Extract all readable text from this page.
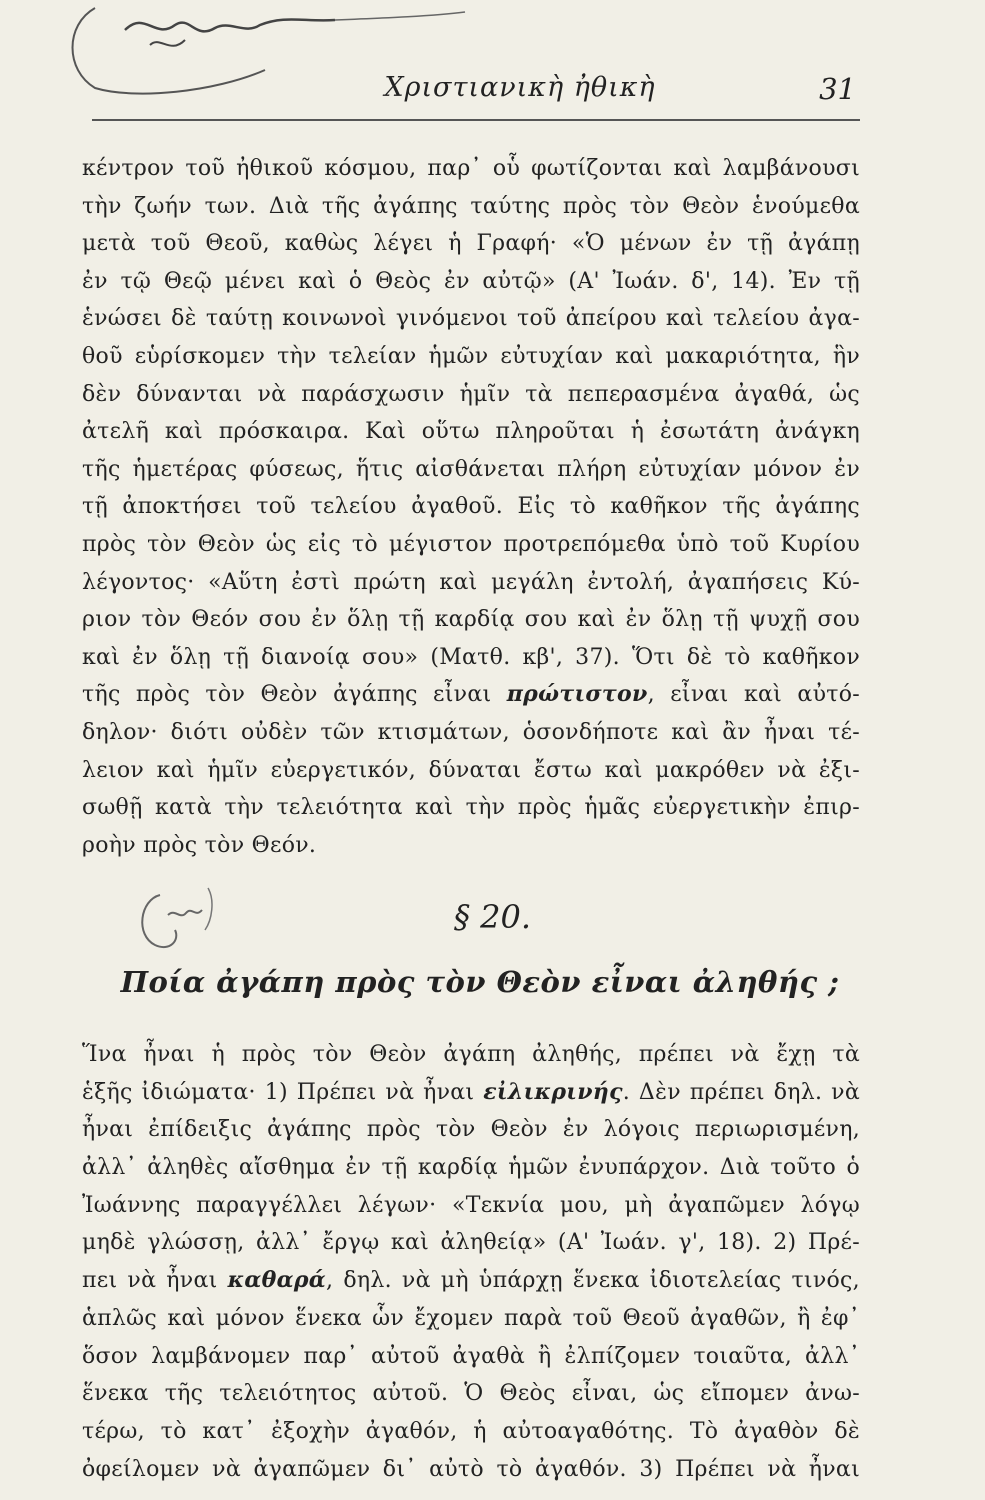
Χριστιανικὴ ἠθικὴ	31
κέντρον τοῦ ἠθικοῦ κόσμου, παρ᾿ οὗ φωτίζονται καὶ λαμβάνουσι
τὴν ζωήν των. Διὰ τῆς ἀγάπης ταύτης πρὸς τὸν Θεὸν ἑνούμεθα
μετὰ τοῦ Θεοῦ, καθὼς λέγει ἡ Γραφή· «Ὁ μένων ἐν τῇ ἀγάπῃ
ἐν τῷ Θεῷ μένει καὶ ὁ Θεὸς ἐν αὐτῷ» (Α' Ἰωάν. δ', 14). Ἐν τῇ
ἑνώσει δὲ ταύτῃ κοινωνοὶ γινόμενοι τοῦ ἀπείρου καὶ τελείου ἀγα-
θοῦ εὑρίσκομεν τὴν τελείαν ἡμῶν εὐτυχίαν καὶ μακαριότητα, ἣν
δὲν δύνανται νὰ παράσχωσιν ἡμῖν τὰ πεπερασμένα ἀγαθά, ὡς
ἀτελῆ καὶ πρόσκαιρα. Καὶ οὕτω πληροῦται ἡ ἐσωτάτη ἀνάγκη
τῆς ἡμετέρας φύσεως, ἥτις αἰσθάνεται πλήρη εὐτυχίαν μόνον ἐν
τῇ ἀποκτήσει τοῦ τελείου ἀγαθοῦ. Εἰς τὸ καθῆκον τῆς ἀγάπης
πρὸς τὸν Θεὸν ὡς εἰς τὸ μέγιστον προτρεπόμεθα ὑπὸ τοῦ Κυρίου
λέγοντος· «Αὕτη ἐστὶ πρώτη καὶ μεγάλη ἐντολή, ἀγαπήσεις Κύ-
ριον τὸν Θεόν σου ἐν ὅλῃ τῇ καρδίᾳ σου καὶ ἐν ὅλῃ τῇ ψυχῇ σου
καὶ ἐν ὅλῃ τῇ διανοίᾳ σου» (Ματθ. κβ', 37). Ὅτι δὲ τὸ καθῆκον
τῆς πρὸς τὸν Θεὸν ἀγάπης εἶναι πρώτιστον, εἶναι καὶ αὐτό-
δηλον· διότι οὐδὲν τῶν κτισμάτων, ὁσονδήποτε καὶ ἂν ἦναι τέ-
λειον καὶ ἡμῖν εὐεργετικόν, δύναται ἔστω καὶ μακρόθεν νὰ ἐξι-
σωθῇ κατὰ τὴν τελειότητα καὶ τὴν πρὸς ἡμᾶς εὐεργετικὴν ἐπιρ-
ροὴν πρὸς τὸν Θεόν.
§ 20.
Ποία ἀγάπη πρὸς τὸν Θεὸν εἶναι ἀληθής ;
Ἵνα ἦναι ἡ πρὸς τὸν Θεὸν ἀγάπη ἀληθής, πρέπει νὰ ἔχῃ τὰ
ἑξῆς ἰδιώματα· 1) Πρέπει νὰ ἦναι εἰλικρινής. Δὲν πρέπει δηλ. νὰ
ἦναι ἐπίδειξις ἀγάπης πρὸς τὸν Θεὸν ἐν λόγοις περιωρισμένη,
ἀλλ᾿ ἀληθὲς αἴσθημα ἐν τῇ καρδίᾳ ἡμῶν ἐνυπάρχον. Διὰ τοῦτο ὁ
Ἰωάννης παραγγέλλει λέγων· «Τεκνία μου, μὴ ἀγαπῶμεν λόγῳ
μηδὲ γλώσσῃ, ἀλλ᾿ ἔργῳ καὶ ἀληθείᾳ» (Α' Ἰωάν. γ', 18). 2) Πρέ-
πει νὰ ἦναι καθαρά, δηλ. νὰ μὴ ὑπάρχῃ ἕνεκα ἰδιοτελείας τινός,
ἁπλῶς καὶ μόνον ἕνεκα ὧν ἔχομεν παρὰ τοῦ Θεοῦ ἀγαθῶν, ἢ ἐφ᾿
ὅσον λαμβάνομεν παρ᾿ αὐτοῦ ἀγαθὰ ἢ ἐλπίζομεν τοιαῦτα, ἀλλ᾿
ἕνεκα τῆς τελειότητος αὐτοῦ. Ὁ Θεὸς εἶναι, ὡς εἴπομεν ἀνω-
τέρω, τὸ κατ᾿ ἐξοχὴν ἀγαθόν, ἡ αὐτοαγαθότης. Τὸ ἀγαθὸν δὲ
ὀφείλομεν νὰ ἀγαπῶμεν δι᾿ αὐτὸ τὸ ἀγαθόν. 3) Πρέπει νὰ ἦναι
